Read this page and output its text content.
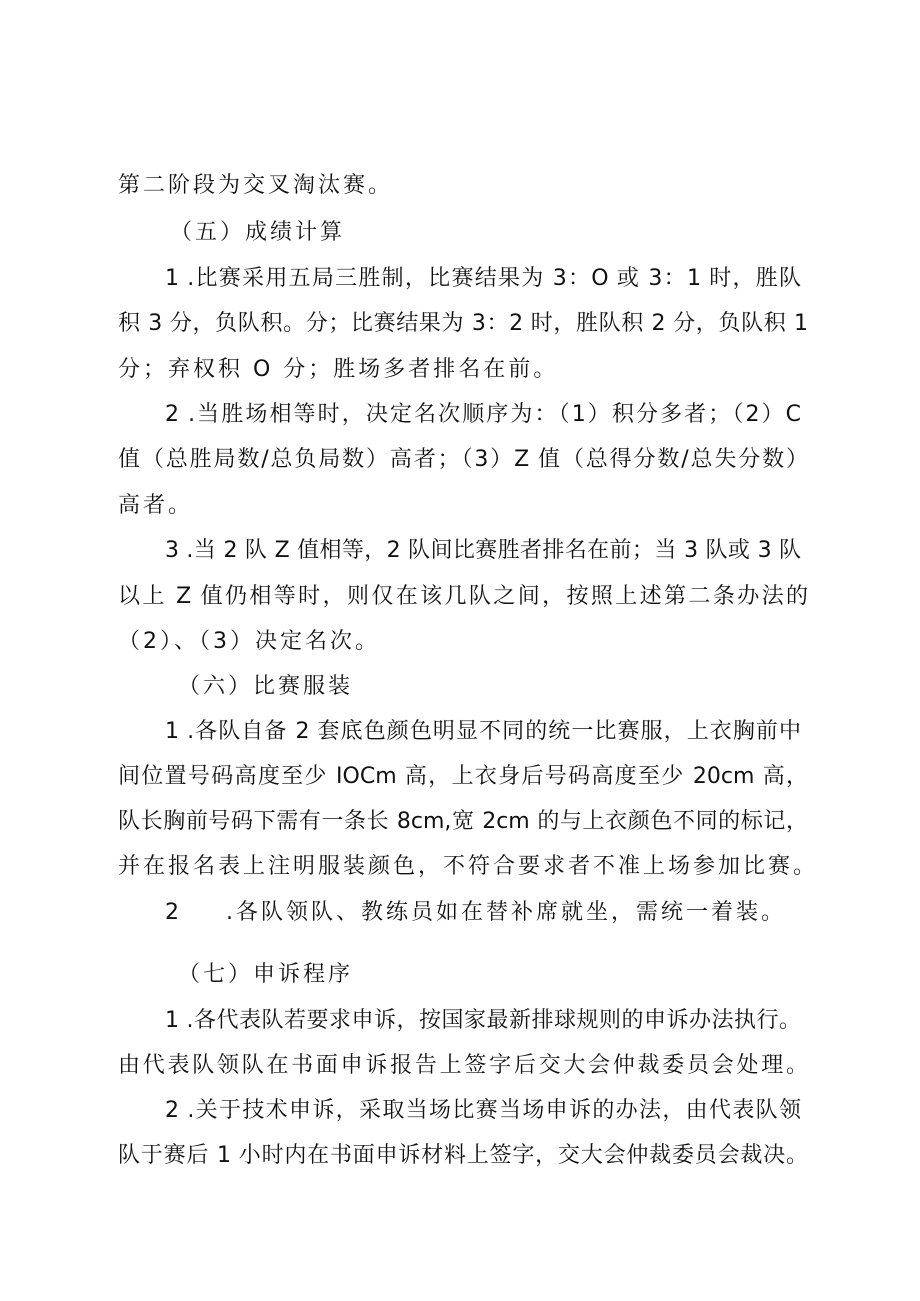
第二阶段为交叉淘汰赛。
（五）成绩计算
1 .比赛采用五局三胜制，比赛结果为 3：O 或 3：1 时，胜队
积 3 分，负队积。分；比赛结果为 3：2 时，胜队积 2 分，负队积 1
分；弃权积 O 分；胜场多者排名在前。
2 .当胜场相等时，决定名次顺序为：（1）积分多者；（2）C
值（总胜局数/总负局数）高者；（3）Z 值（总得分数/总失分数）
高者。
3 .当 2 队 Z 值相等，2 队间比赛胜者排名在前；当 3 队或 3 队
以上 Z 值仍相等时，则仅在该几队之间，按照上述第二条办法的
（2）、（3）决定名次。
（六）比赛服装
1 .各队自备 2 套底色颜色明显不同的统一比赛服，上衣胸前中
间位置号码高度至少 IOCm 高，上衣身后号码高度至少 20cm 高，
队长胸前号码下需有一条长 8cm,宽 2cm 的与上衣颜色不同的标记，
并在报名表上注明服装颜色，不符合要求者不准上场参加比赛。
2 .各队领队、教练员如在替补席就坐，需统一着装。
（七）申诉程序
1 .各代表队若要求申诉，按国家最新排球规则的申诉办法执行。
由代表队领队在书面申诉报告上签字后交大会仲裁委员会处理。
2 .关于技术申诉，采取当场比赛当场申诉的办法，由代表队领
队于赛后 1 小时内在书面申诉材料上签字，交大会仲裁委员会裁决。
